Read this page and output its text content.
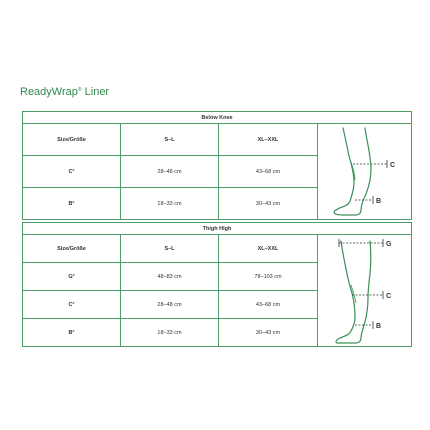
ReadyWrap® Liner
Below Knee			
Size/Größe	S–L	XL–XXL	C
B

$C^c$	28–48 cm	43–68 cm	
$B^c$	18–33 cm	30–43 cm	
Thigh High			
Size/Größe	S–L	XL–XXL	G
C
B

$G^c$	48–83 cm	78–103 cm	
$C^c$	28–48 cm	43–68 cm	
$B^c$	18–33 cm	30–43 cm	
